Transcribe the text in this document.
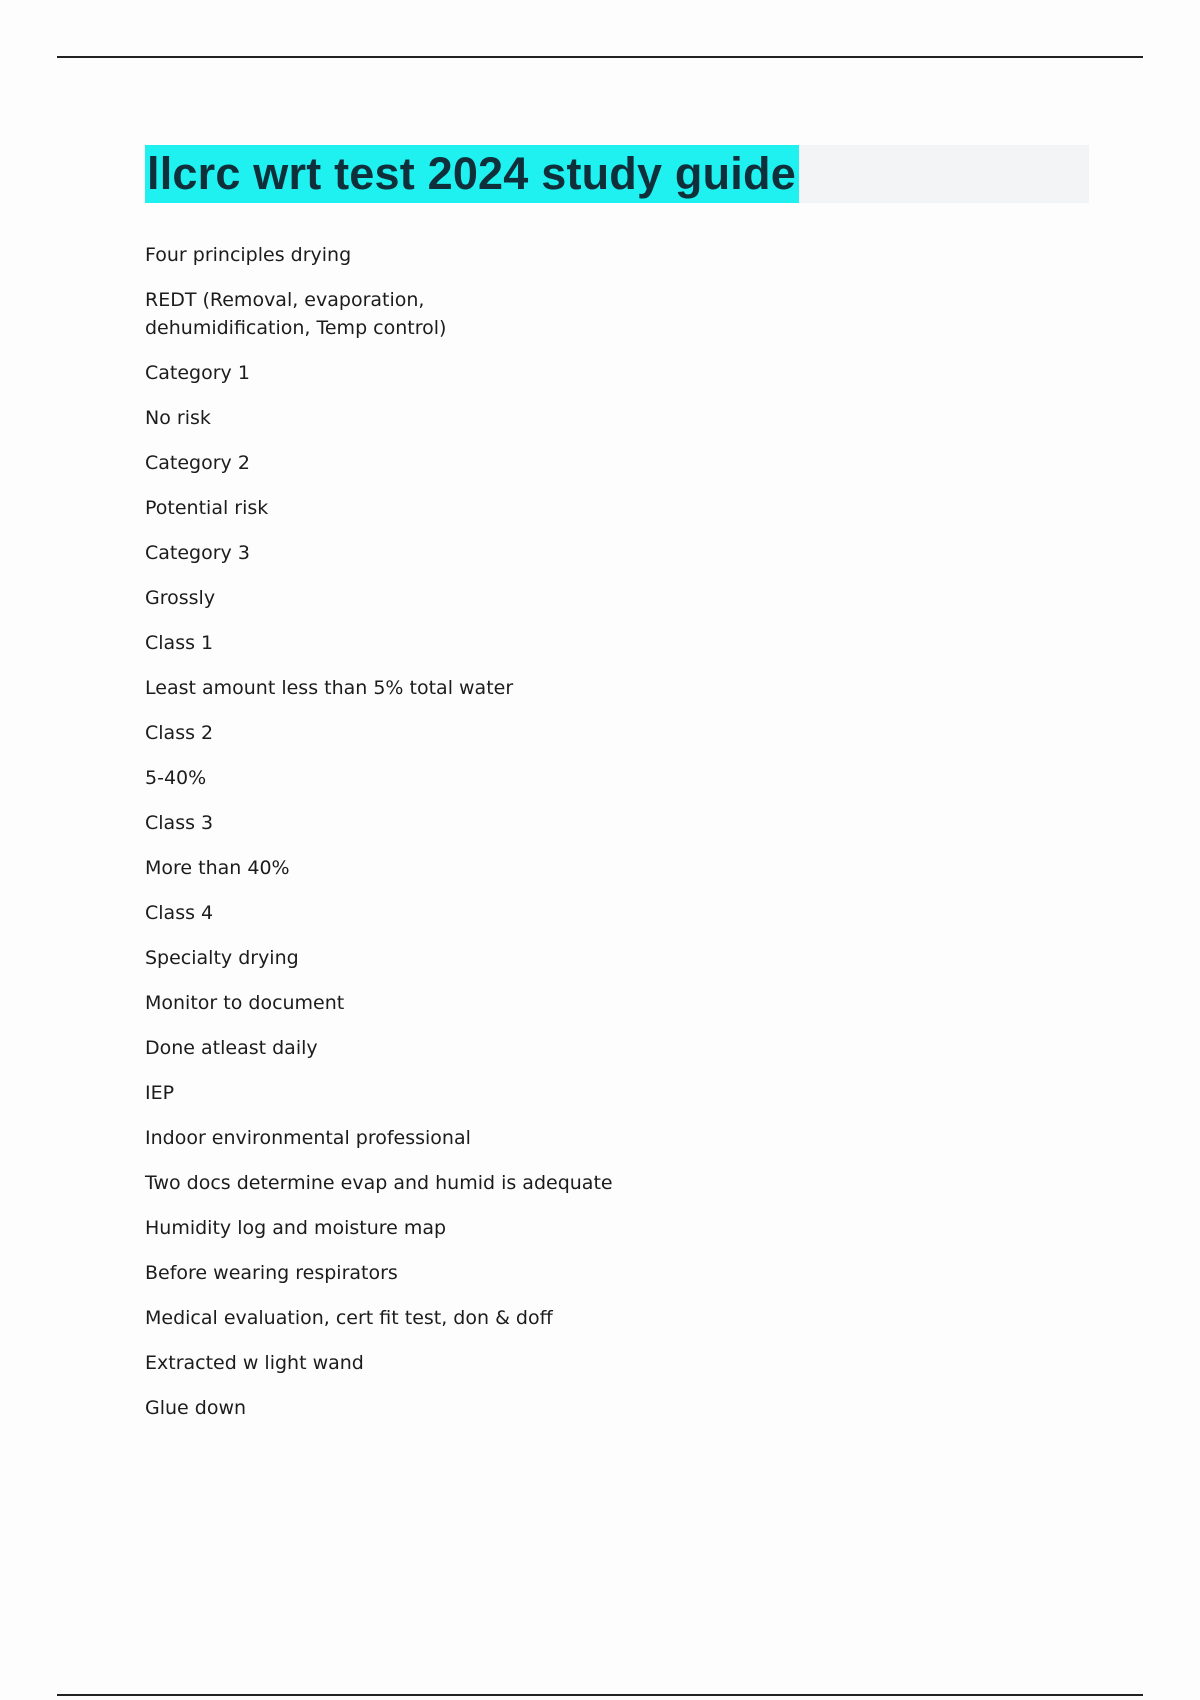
llcrc wrt test 2024 study guide
Four principles drying
REDT (Removal, evaporation, dehumidification, Temp control)
Category 1
No risk
Category 2
Potential risk
Category 3
Grossly
Class 1
Least amount less than 5% total water
Class 2
5-40%
Class 3
More than 40%
Class 4
Specialty drying
Monitor to document
Done atleast daily
IEP
Indoor environmental professional
Two docs determine evap and humid is adequate
Humidity log and moisture map
Before wearing respirators
Medical evaluation, cert fit test, don & doff
Extracted w light wand
Glue down
